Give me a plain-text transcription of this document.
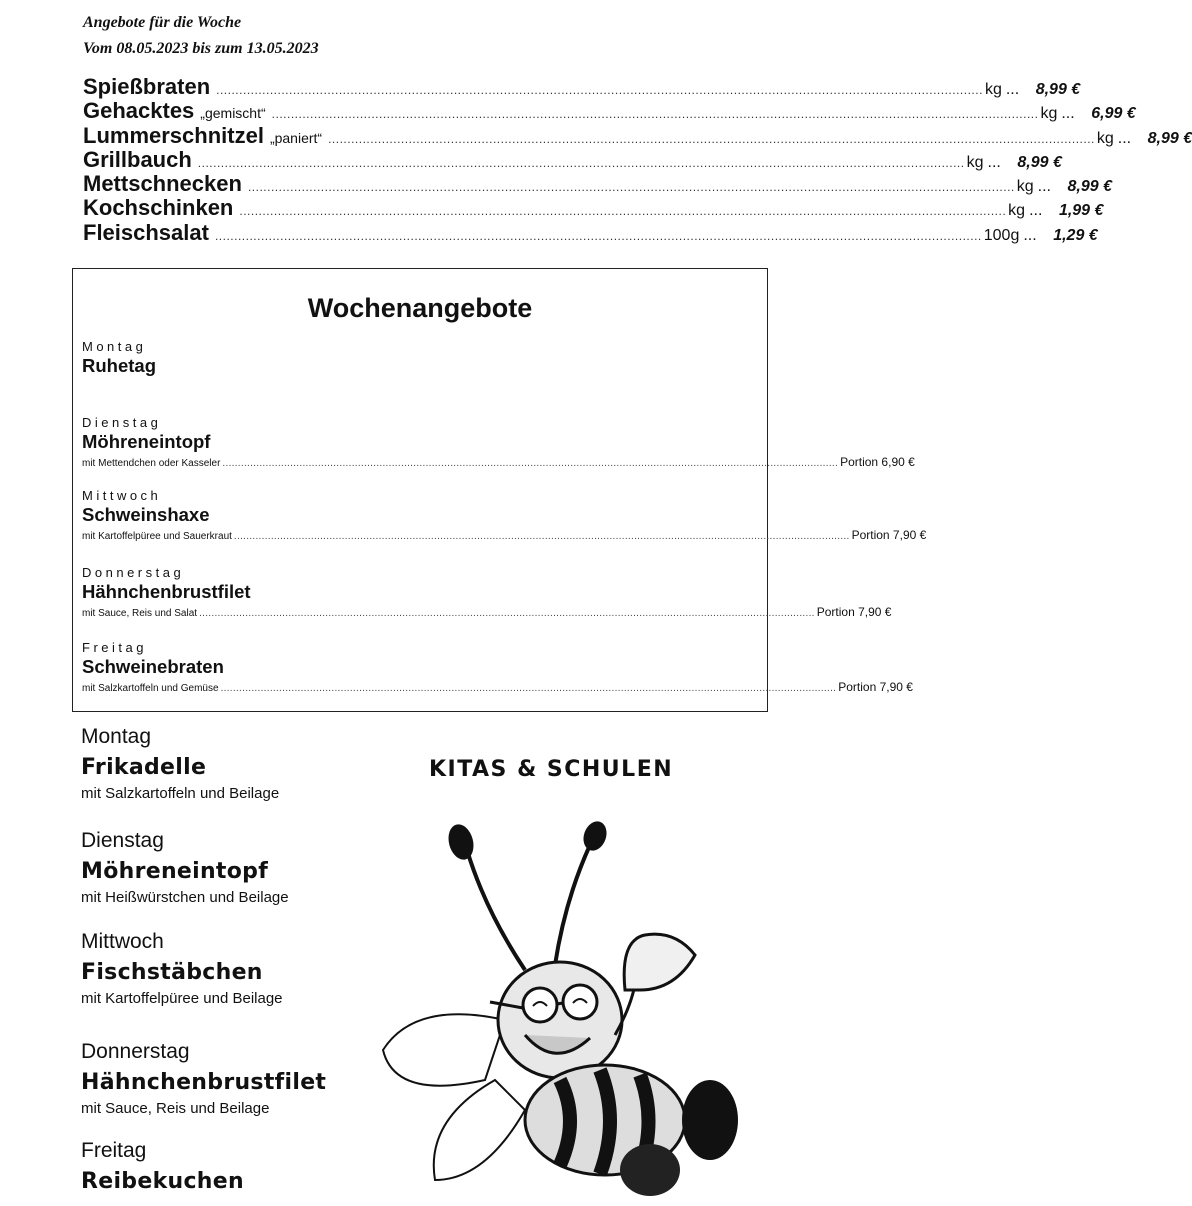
Angebote für die Woche
Vom 08.05.2023 bis zum 13.05.2023
Spießbraten ........................................................................................................................................................................................................ kg ...	8,99 €
Gehacktes „gemischt“ ........................................................................................................................................................................................................ kg ...	6,99 €
Lummerschnitzel „paniert“ ........................................................................................................................................................................................................ kg ...	8,99 €
Grillbauch ........................................................................................................................................................................................................ kg ...	8,99 €
Mettschnecken ........................................................................................................................................................................................................ kg ...	8,99 €
Kochschinken ........................................................................................................................................................................................................ kg ...	1,99 €
Fleischsalat ........................................................................................................................................................................................................ 100g ...	1,29 €
Wochenangebote
Montag
Ruhetag
Dienstag
Möhreneintopf
mit Mettendchen oder Kasseler ........................................................................................................................................................................................................ Portion 6,90 €
Mittwoch
Schweinshaxe
mit Kartoffelpüree und Sauerkraut ........................................................................................................................................................................................................ Portion 7,90 €
Donnerstag
Hähnchenbrustfilet
mit Sauce, Reis und Salat ........................................................................................................................................................................................................ Portion 7,90 €
Freitag
Schweinebraten
mit Salzkartoffeln und Gemüse ........................................................................................................................................................................................................ Portion 7,90 €
KITAS & SCHULEN
Montag
Frikadelle
mit Salzkartoffeln und Beilage
Dienstag
Möhreneintopf
mit Heißwürstchen und Beilage
Mittwoch
Fischstäbchen
mit Kartoffelpüree und Beilage
Donnerstag
Hähnchenbrustfilet
mit Sauce, Reis und Beilage
Freitag
Reibekuchen
